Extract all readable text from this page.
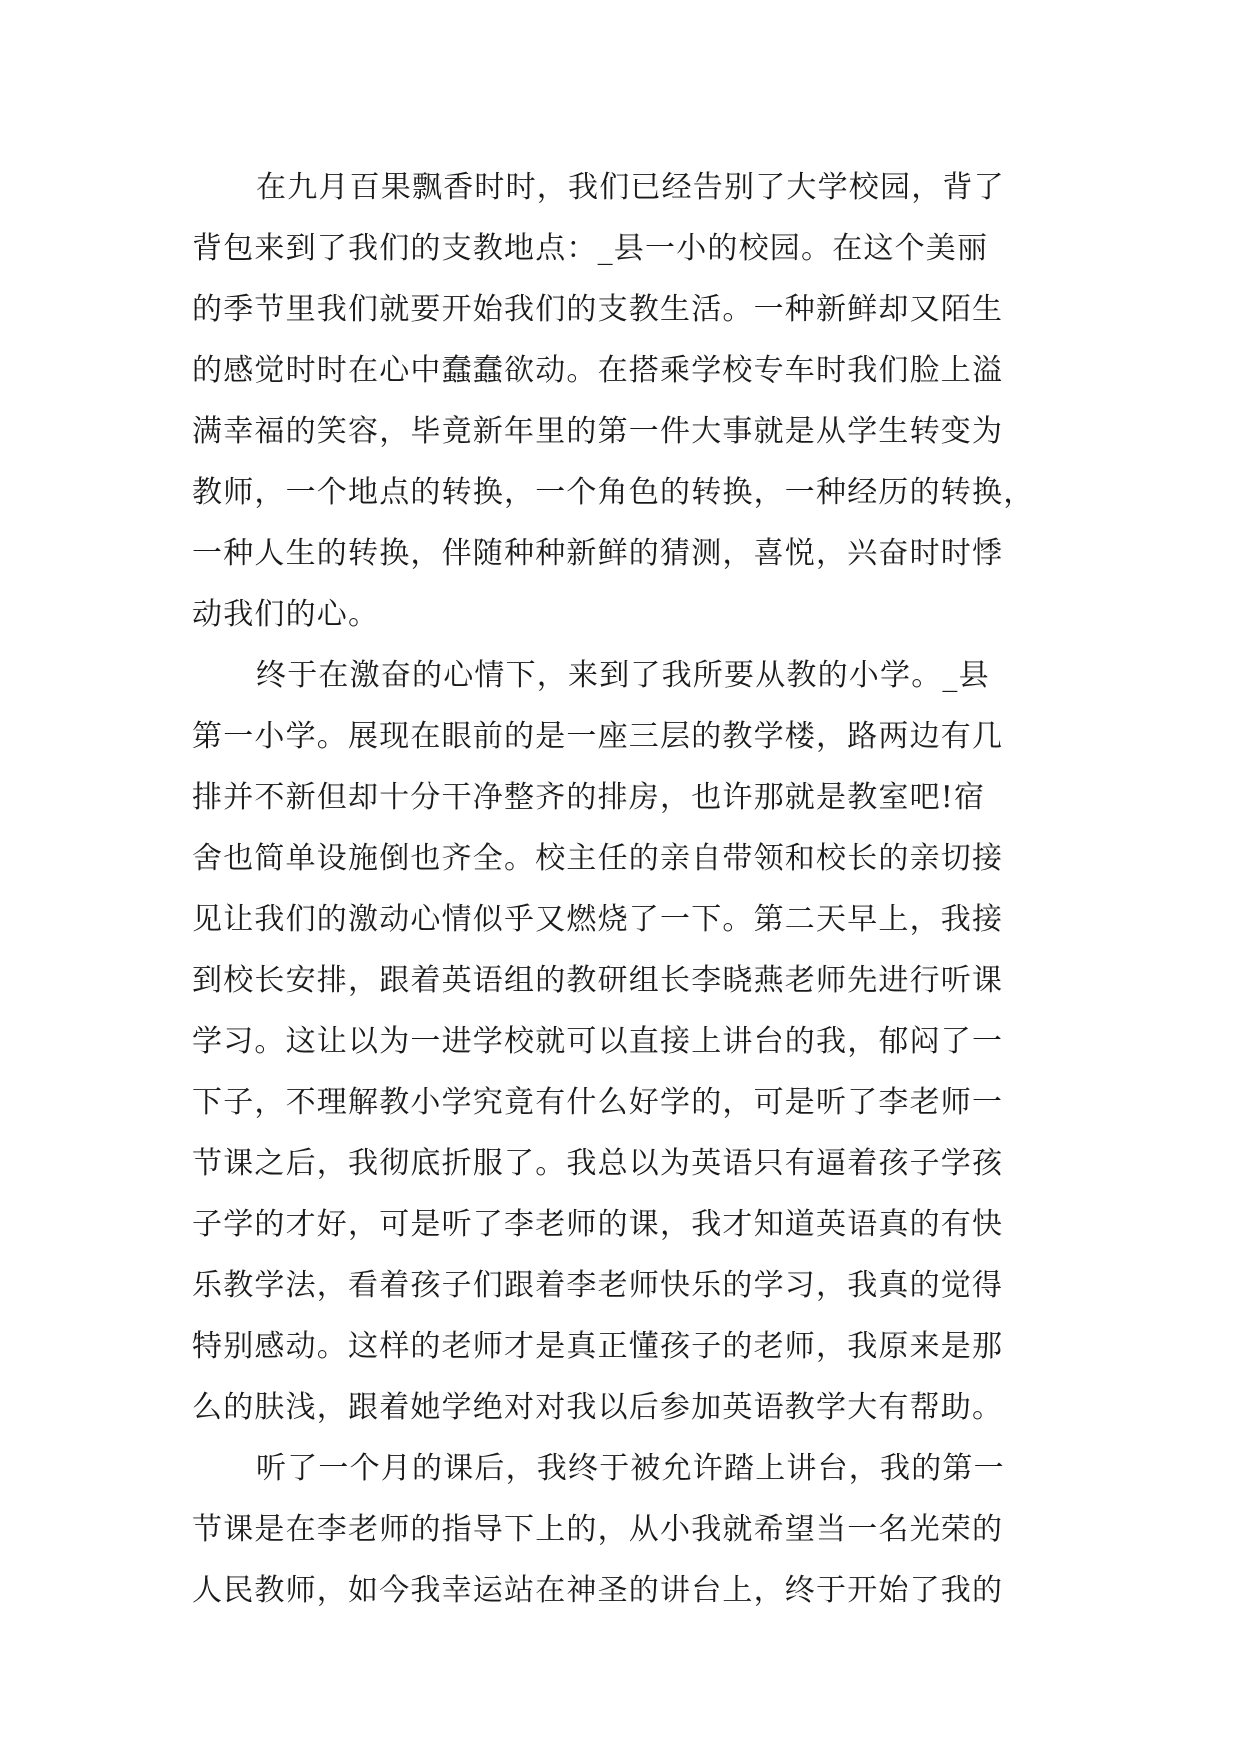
在九月百果飘香时时，我们已经告别了大学校园，背了
背包来到了我们的支教地点：_县一小的校园。在这个美丽
的季节里我们就要开始我们的支教生活。一种新鲜却又陌生
的感觉时时在心中蠢蠢欲动。在搭乘学校专车时我们脸上溢
满幸福的笑容，毕竟新年里的第一件大事就是从学生转变为
教师，一个地点的转换，一个角色的转换，一种经历的转换，
一种人生的转换，伴随种种新鲜的猜测，喜悦，兴奋时时悸
动我们的心。

终于在激奋的心情下，来到了我所要从教的小学。_县
第一小学。展现在眼前的是一座三层的教学楼，路两边有几
排并不新但却十分干净整齐的排房，也许那就是教室吧!宿
舍也简单设施倒也齐全。校主任的亲自带领和校长的亲切接
见让我们的激动心情似乎又燃烧了一下。第二天早上，我接
到校长安排，跟着英语组的教研组长李晓燕老师先进行听课
学习。这让以为一进学校就可以直接上讲台的我，郁闷了一
下子，不理解教小学究竟有什么好学的，可是听了李老师一
节课之后，我彻底折服了。我总以为英语只有逼着孩子学孩
子学的才好，可是听了李老师的课，我才知道英语真的有快
乐教学法，看着孩子们跟着李老师快乐的学习，我真的觉得
特别感动。这样的老师才是真正懂孩子的老师，我原来是那
么的肤浅，跟着她学绝对对我以后参加英语教学大有帮助。

听了一个月的课后，我终于被允许踏上讲台，我的第一
节课是在李老师的指导下上的，从小我就希望当一名光荣的
人民教师，如今我幸运站在神圣的讲台上，终于开始了我的
